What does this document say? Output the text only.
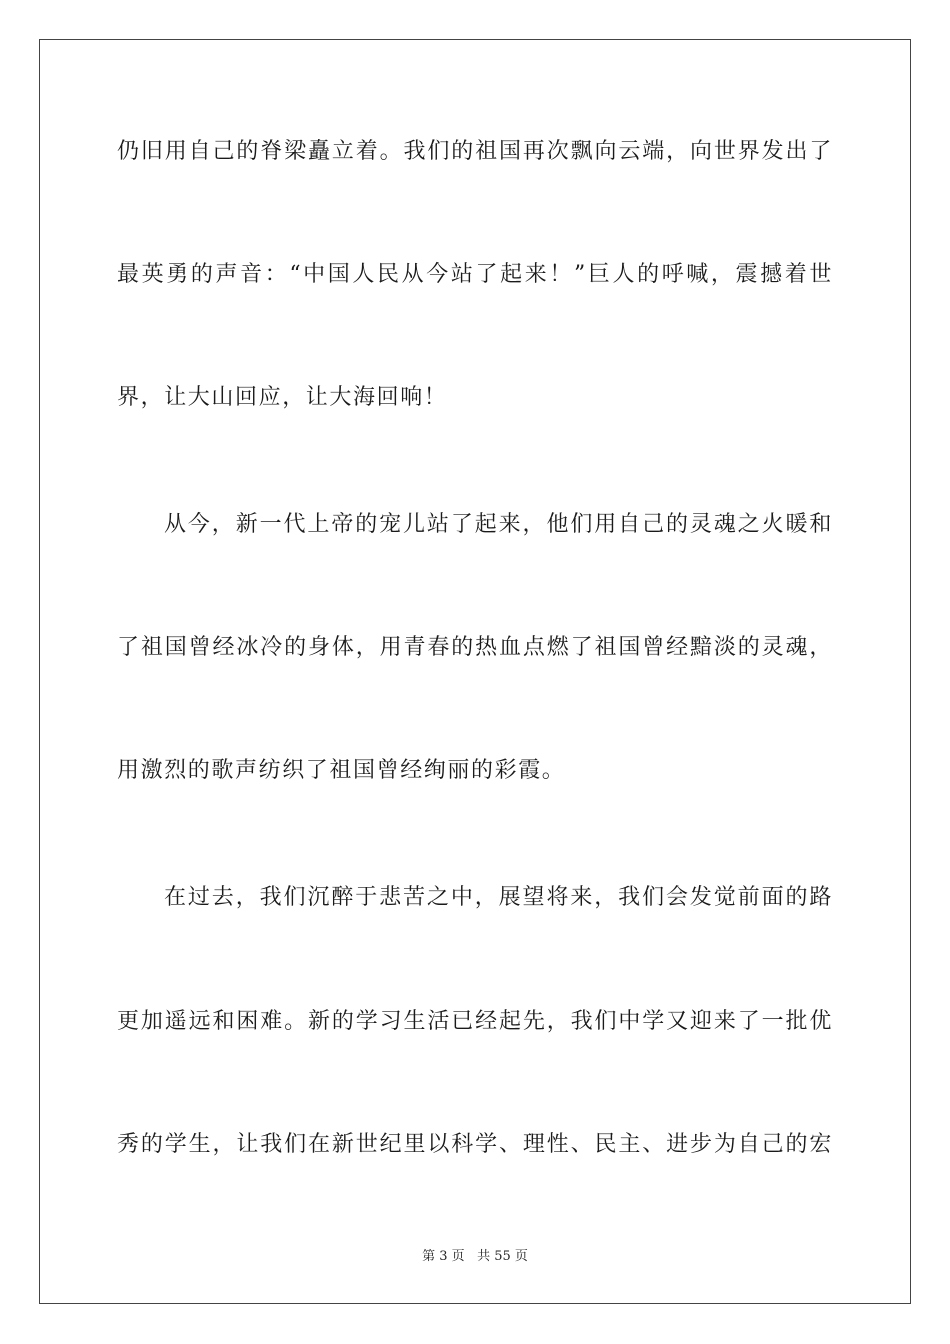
仍旧用自己的脊梁矗立着。我们的祖国再次飘向云端，向世界发出了
最英勇的声音：“中国人民从今站了起来！”巨人的呼喊，震撼着世
界，让大山回应，让大海回响！
从今，新一代上帝的宠儿站了起来，他们用自己的灵魂之火暖和
了祖国曾经冰冷的身体，用青春的热血点燃了祖国曾经黯淡的灵魂，
用激烈的歌声纺织了祖国曾经绚丽的彩霞。
在过去，我们沉醉于悲苦之中，展望将来，我们会发觉前面的路
更加遥远和困难。新的学习生活已经起先，我们中学又迎来了一批优
秀的学生，让我们在新世纪里以科学、理性、民主、进步为自己的宏
第 3 页 共 55 页
